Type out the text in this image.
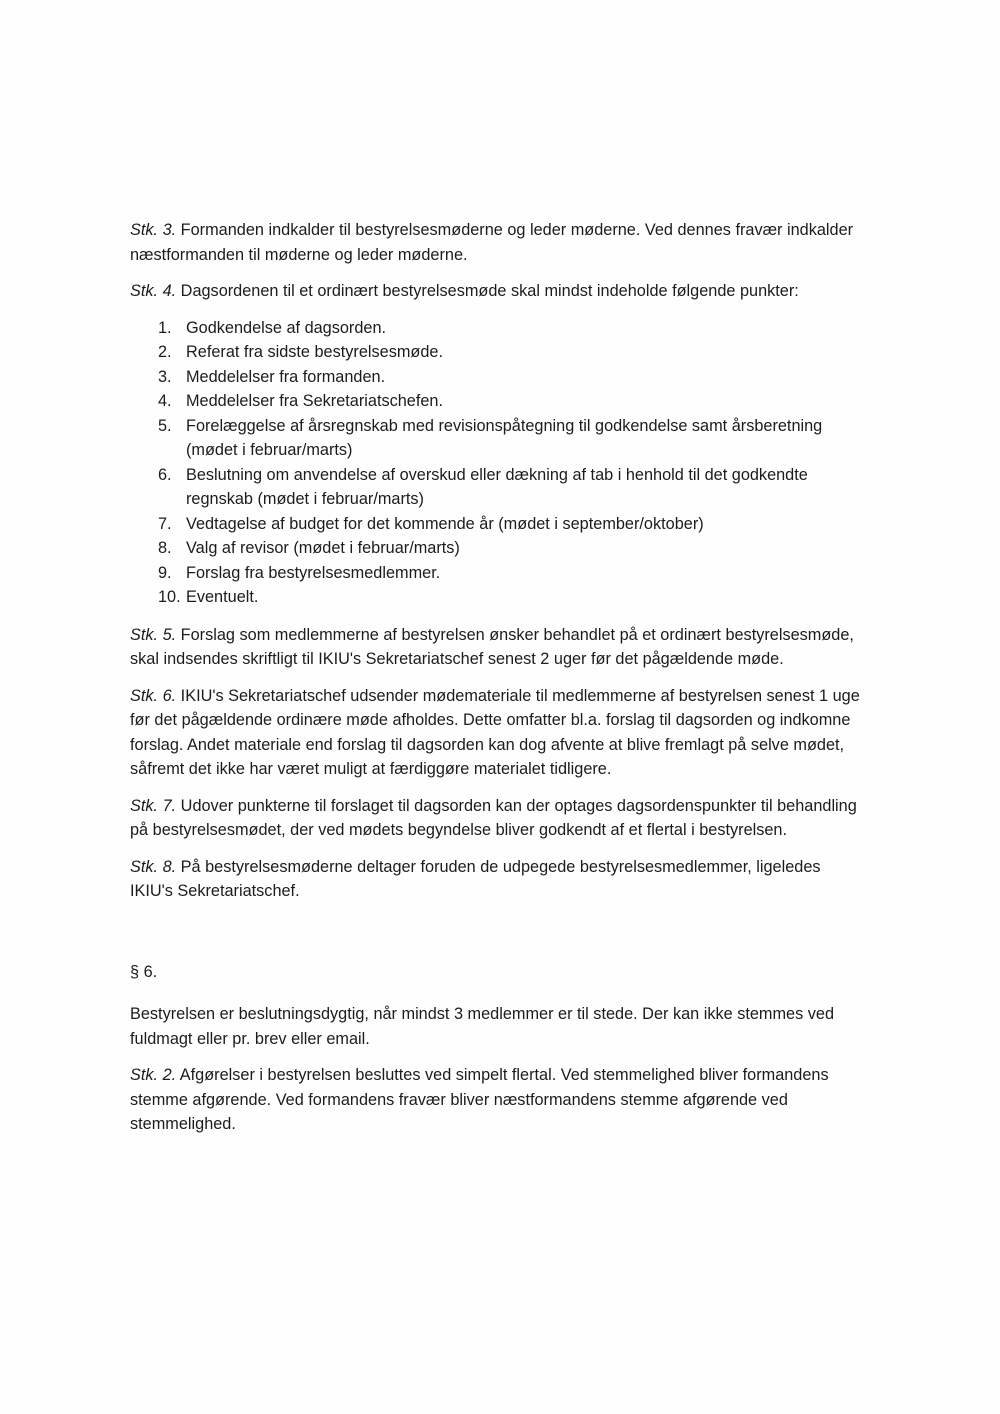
Stk. 3. Formanden indkalder til bestyrelsesmøderne og leder møderne. Ved dennes fravær indkalder næstformanden til møderne og leder møderne.

Stk. 4. Dagsordenen til et ordinært bestyrelsesmøde skal mindst indeholde følgende punkter:

1. Godkendelse af dagsorden.
2. Referat fra sidste bestyrelsesmøde.
3. Meddelelser fra formanden.
4. Meddelelser fra Sekretariatschefen.
5. Forelæggelse af årsregnskab med revisionspåtegning til godkendelse samt årsberetning (mødet i februar/marts)
6. Beslutning om anvendelse af overskud eller dækning af tab i henhold til det godkendte regnskab (mødet i februar/marts)
7. Vedtagelse af budget for det kommende år (mødet i september/oktober)
8. Valg af revisor (mødet i februar/marts)
9. Forslag fra bestyrelsesmedlemmer.
10. Eventuelt.

Stk. 5. Forslag som medlemmerne af bestyrelsen ønsker behandlet på et ordinært bestyrelsesmøde, skal indsendes skriftligt til IKIU's Sekretariatschef senest 2 uger før det pågældende møde.

Stk. 6. IKIU's Sekretariatschef udsender mødemateriale til medlemmerne af bestyrelsen senest 1 uge før det pågældende ordinære møde afholdes. Dette omfatter bl.a. forslag til dagsorden og indkomne forslag. Andet materiale end forslag til dagsorden kan dog afvente at blive fremlagt på selve mødet, såfremt det ikke har været muligt at færdiggøre materialet tidligere.

Stk. 7. Udover punkterne til forslaget til dagsorden kan der optages dagsordenspunkter til behandling på bestyrelsesmødet, der ved mødets begyndelse bliver godkendt af et flertal i bestyrelsen.

Stk. 8. På bestyrelsesmøderne deltager foruden de udpegede bestyrelsesmedlemmer, ligeledes IKIU's Sekretariatschef.

§ 6.

Bestyrelsen er beslutningsdygtig, når mindst 3 medlemmer er til stede. Der kan ikke stemmes ved fuldmagt eller pr. brev eller email.

Stk. 2. Afgørelser i bestyrelsen besluttes ved simpelt flertal. Ved stemmelighed bliver formandens stemme afgørende. Ved formandens fravær bliver næstformandens stemme afgørende ved stemmelighed.
